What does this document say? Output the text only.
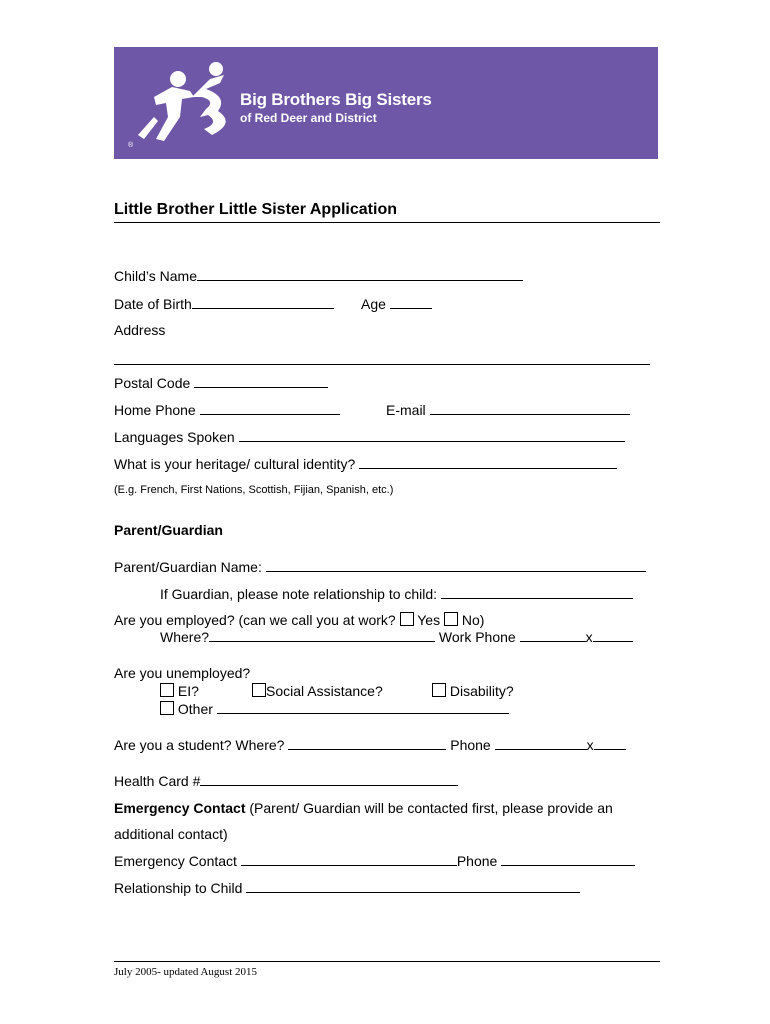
®
Big Brothers Big Sisters
of Red Deer and District
Little Brother Little Sister Application
Child’s Name
Date of Birth	Age
Address
Postal Code
Home Phone	E-mail
Languages Spoken
What is your heritage/ cultural identity?
(E.g. French, First Nations, Scottish, Fijian, Spanish, etc.)
Parent/Guardian
Parent/Guardian Name:
If Guardian, please note relationship to child:
Are you employed? (can we call you at work? Yes No)
Where?	Work Phone	x
Are you unemployed?
EI?	Social Assistance?	Disability?
Other
Are you a student? Where?	Phone	x
Health Card #
Emergency Contact (Parent/ Guardian will be contacted first, please provide an
additional contact)
Emergency Contact	Phone
Relationship to Child
July 2005- updated August 2015
